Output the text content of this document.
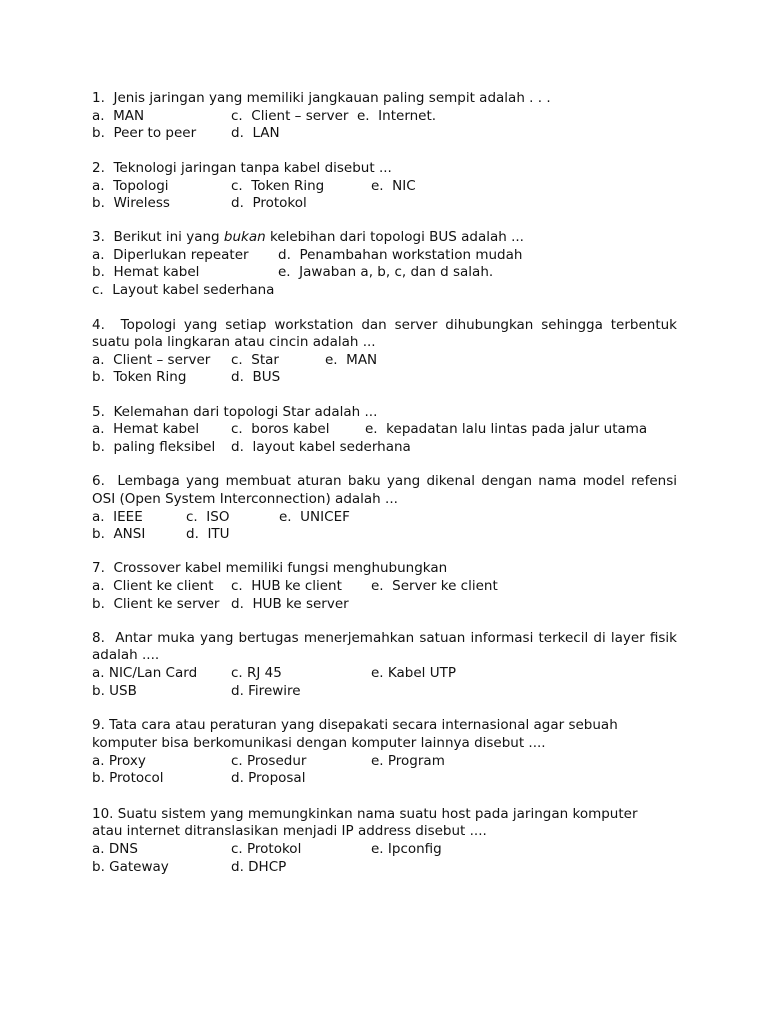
1.  Jenis jaringan yang memiliki jangkauan paling sempit adalah . . .
a.  MAN	c.  Client – server e.  Internet.
b.  Peer to peer	d.  LAN
2.  Teknologi jaringan tanpa kabel disebut ...
a.  Topologi	c.  Token Ring	e.  NIC
b.  Wireless	d.  Protokol
3.  Berikut ini yang bukan kelebihan dari topologi BUS adalah ...
a.  Diperlukan repeater d.  Penambahan workstation mudah
b.  Hemat kabel	e.  Jawaban a, b, c, dan d salah.
c.  Layout kabel sederhana
4.  Topologi yang setiap workstation dan server dihubungkan sehingga terbentuk
suatu pola lingkaran atau cincin adalah ...
a.  Client – server c.  Star	e.  MAN
b.  Token Ring	d.  BUS
5.  Kelemahan dari topologi Star adalah ...
a.  Hemat kabel c.  boros kabel	e.  kepadatan lalu lintas pada jalur utama
b.  paling fleksibel d.  layout kabel sederhana
6.  Lembaga yang membuat aturan baku yang dikenal dengan nama model refensi
OSI (Open System Interconnection) adalah ...
a.  IEEE	c.  ISO	e.  UNICEF
b.  ANSI	d.  ITU
7.  Crossover kabel memiliki fungsi menghubungkan
a.  Client ke client c.  HUB ke client e.  Server ke client
b.  Client ke server d.  HUB ke server
8.  Antar muka yang bertugas menerjemahkan satuan informasi terkecil di layer fisik
adalah ....
a. NIC/Lan Card	c. RJ 45	e. Kabel UTP
b. USB	d. Firewire
9. Tata cara atau peraturan yang disepakati secara internasional agar sebuah
komputer bisa berkomunikasi dengan komputer lainnya disebut ....
a. Proxy	c. Prosedur	e. Program
b. Protocol	d. Proposal
10. Suatu sistem yang memungkinkan nama suatu host pada jaringan komputer
atau internet ditranslasikan menjadi IP address disebut ....
a. DNS	c. Protokol	e. Ipconfig
b. Gateway	d. DHCP
